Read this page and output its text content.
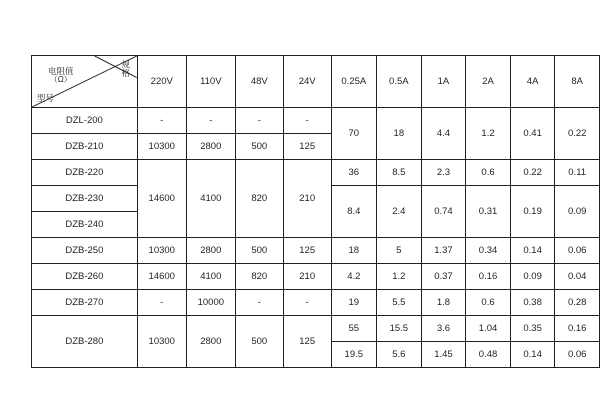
电阻值
（Ω）
规格
型号	220V	110V	48V	24V	0.25A	0.5A	1A	2A	4A	8A
DZL-200	-	-	-	-	70	18	4.4	1.2	0.41	0.22
DZB-210	10300	2800	500	125						
DZB-220	14600	4100	820	210	36	8.5	2.3	0.6	0.22	0.11
DZB-230					8.4	2.4	0.74	0.31	0.19	0.09
DZB-240										
DZB-250	10300	2800	500	125	18	5	1.37	0.34	0.14	0.06
DZB-260	14600	4100	820	210	4.2	1.2	0.37	0.16	0.09	0.04
DZB-270	-	10000	-	-	19	5.5	1.8	0.6	0.38	0.28
DZB-280	10300	2800	500	125	55	15.5	3.6	1.04	0.35	0.16
					19.5	5.6	1.45	0.48	0.14	0.06
